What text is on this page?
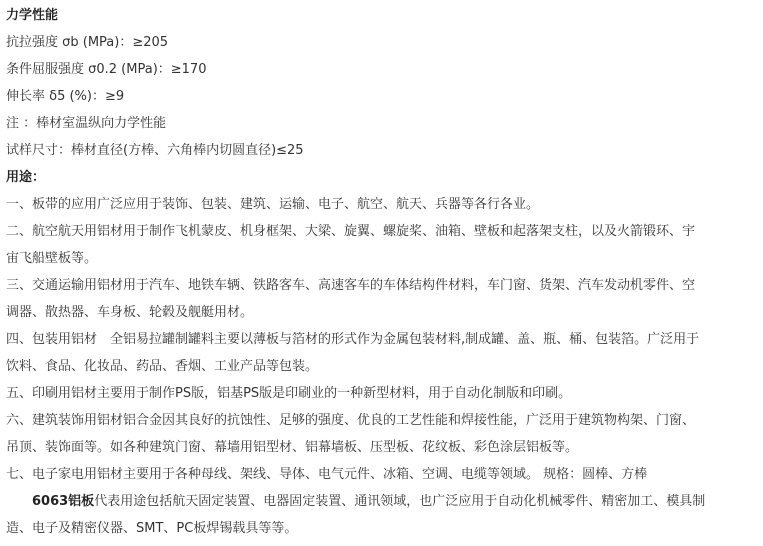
力学性能
抗拉强度 σb (MPa)：≥205
条件屈服强度 σ0.2 (MPa)：≥170
伸长率 δ5 (%)：≥9
注 ：棒材室温纵向力学性能
试样尺寸：棒材直径(方棒、六角棒内切圆直径)≤25
用途：
一、板带的应用广泛应用于装饰、包装、建筑、运输、电子、航空、航天、兵器等各行各业。
二、航空航天用铝材用于制作飞机蒙皮、机身框架、大梁、旋翼、螺旋桨、油箱、壁板和起落架支柱，以及火箭锻环、宇
宙飞船壁板等。
三、交通运输用铝材用于汽车、地铁车辆、铁路客车、高速客车的车体结构件材料，车门窗、货架、汽车发动机零件、空
调器、散热器、车身板、轮毂及舰艇用材。
四、包装用铝材　全铝易拉罐制罐料主要以薄板与箔材的形式作为金属包装材料,制成罐、盖、瓶、桶、包装箔。广泛用于
饮料、食品、化妆品、药品、香烟、工业产品等包装。
五、印刷用铝材主要用于制作PS版，铝基PS版是印刷业的一种新型材料，用于自动化制版和印刷。
六、建筑装饰用铝材铝合金因其良好的抗蚀性、足够的强度、优良的工艺性能和焊接性能，广泛用于建筑物构架、门窗、
吊顶、装饰面等。如各种建筑门窗、幕墙用铝型材、铝幕墙板、压型板、花纹板、彩色涂层铝板等。
七、电子家电用铝材主要用于各种母线、架线、导体、电气元件、冰箱、空调、电缆等领域。 规格：圆棒、方棒
6063铝板代表用途包括航天固定装置、电器固定装置、通讯领域，也广泛应用于自动化机械零件、精密加工、模具制
造、电子及精密仪器、SMT、PC板焊锡载具等等。
